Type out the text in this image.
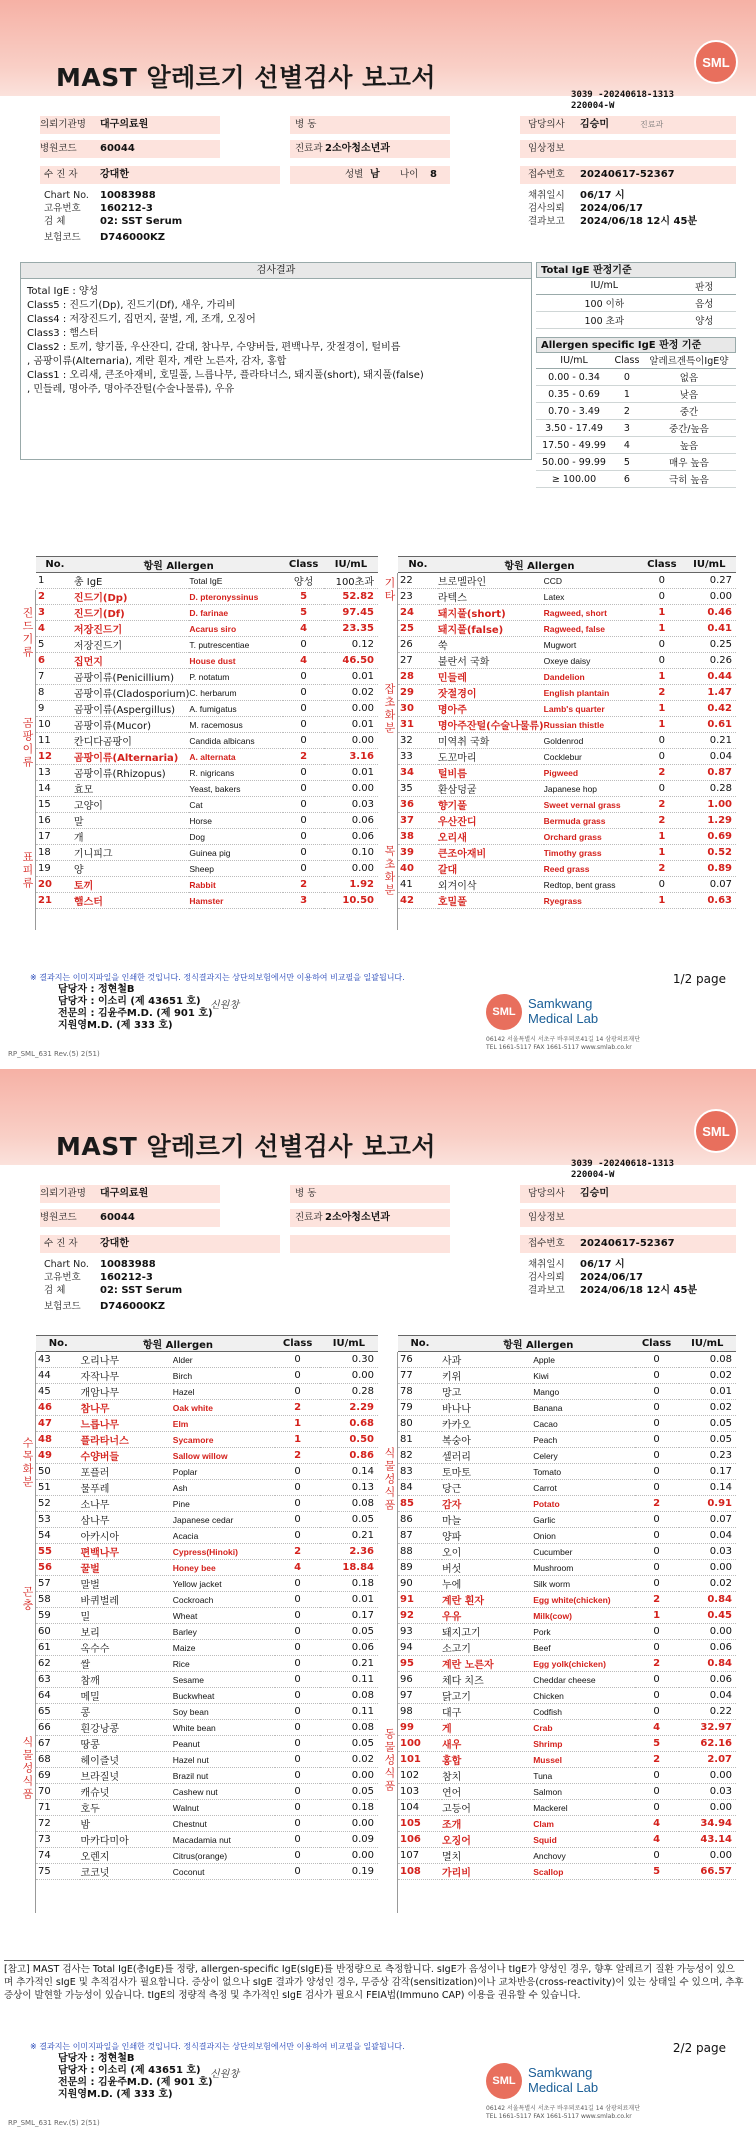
MAST 알레르기 선별검사 보고서
SML
3039 -20240618-1313
220004-W
의뢰기관명 대구의료원	병 동	담당의사 김승미	진료과
병원코드 60044	진료과 2소아청소년과	임상정보
수 진 자 강대한	성별 남 나이 8	접수번호 20240617-52367
Chart No. 10083988	채취일시 06/17 시
고유번호 160212-3	검사의뢰 2024/06/17
검 체	02: SST Serum	결과보고 2024/06/18 12시 45분
보험코드 D746000KZ
검사결과
Total IgE : 양성
Class5 : 진드기(Dp), 진드기(Df), 새우, 가리비
Class4 : 저장진드기, 집먼지, 꿀벌, 게, 조개, 오징어
Class3 : 햄스터
Class2 : 토끼, 향기풀, 우산잔디, 갈대, 참나무, 수양버들, 편백나무, 잣절경이, 털비름
, 곰팡이류(Alternaria), 계란 흰자, 계란 노른자, 감자, 홍합
Class1 : 오리새, 큰조아재비, 호밀풀, 느릅나무, 플라타너스, 돼지풀(short), 돼지풀(false)
, 민들레, 명아주, 명아주잔털(수술나물류), 우유
Total IgE 판정기준
IU/mL	판정
100 이하	음성
100 초과	양성
Allergen specific IgE 판정 기준
IU/mL	Class	알레르겐특이IgE양
0.00 - 0.34	0	없음
0.35 - 0.69	1	낮음
0.70 - 3.49	2	중간
3.50 - 17.49	3	중간/높음
17.50 - 49.99	4	높음
50.00 - 99.99	5	매우 높음
≥ 100.00	6	극히 높음
No.	항원 Allergen		Class	IU/mL
1	총 IgE	Total IgE	양성	100초과
2	진드기(Dp)	D. pteronyssinus	5	52.82
3	진드기(Df)	D. farinae	5	97.45
4	저장진드기	Acarus siro	4	23.35
5	저장진드기	T. putrescentiae	0	0.12
6	집먼지	House dust	4	46.50
7	곰팡이류(Penicillium)	P. notatum	0	0.01
8	곰팡이류(Cladosporium)	C. herbarum	0	0.02
9	곰팡이류(Aspergillus)	A. fumigatus	0	0.00
10	곰팡이류(Mucor)	M. racemosus	0	0.01
11	칸디다곰팡이	Candida albicans	0	0.00
12	곰팡이류(Alternaria)	A. alternata	2	3.16
13	곰팡이류(Rhizopus)	R. nigricans	0	0.01
14	효모	Yeast, bakers	0	0.00
15	고양이	Cat	0	0.03
16	말	Horse	0	0.06
17	개	Dog	0	0.06
18	기니피그	Guinea pig	0	0.10
19	양	Sheep	0	0.00
20	토끼	Rabbit	2	1.92
21	햄스터	Hamster	3	10.50
진드기류
곰팡이류
표피류
No.	항원 Allergen		Class	IU/mL
22	브로멜라인	CCD	0	0.27
23	라텍스	Latex	0	0.00
24	돼지풀(short)	Ragweed, short	1	0.46
25	돼지풀(false)	Ragweed, false	1	0.41
26	쑥	Mugwort	0	0.25
27	불란서 국화	Oxeye daisy	0	0.26
28	민들레	Dandelion	1	0.44
29	잣절경이	English plantain	2	1.47
30	명아주	Lamb's quarter	1	0.42
31	명아주잔털(수술나물류)	Russian thistle	1	0.61
32	미역취 국화	Goldenrod	0	0.21
33	도꼬마리	Cocklebur	0	0.04
34	털비름	Pigweed	2	0.87
35	환삼덩굴	Japanese hop	0	0.28
36	향기풀	Sweet vernal grass	2	1.00
37	우산잔디	Bermuda grass	2	1.29
38	오리새	Orchard grass	1	0.69
39	큰조아재비	Timothy grass	1	0.52
40	갈대	Reed grass	2	0.89
41	외겨이삭	Redtop, bent grass	0	0.07
42	호밀풀	Ryegrass	1	0.63
기타
잡초화분
목초화분
※ 결과지는 이미지파일을 인쇄한 것입니다. 정식결과지는 상단의보험에서만 이용하여 비교필을 일괄됩니다.	1/2 page
담당자 : 정현철B
담당자 : 이소리 (제 43651 호)
전문의 : 김윤주M.D. (제 901 호)
지원영M.D. (제 333 호)
신원창
SML
Samkwang
Medical Lab
06142 서울특별시 서초구 바우뫼로41길 14 삼광의료재단
TEL 1661-5117 FAX 1661-5117 www.smlab.co.kr
RP_SML_631 Rev.(5) 2(51)
MAST 알레르기 선별검사 보고서
SML
3039 -20240618-1313
220004-W
의뢰기관명 대구의료원	병 동	담당의사 김승미
병원코드 60044	진료과 2소아청소년과	임상정보
수 진 자 강대한	접수번호 20240617-52367
Chart No. 10083988	채취일시 06/17 시
고유번호 160212-3	검사의뢰 2024/06/17
검 체	02: SST Serum	결과보고 2024/06/18 12시 45분
보험코드 D746000KZ
No.	항원 Allergen		Class	IU/mL
43	오리나무	Alder	0	0.30
44	자작나무	Birch	0	0.00
45	개암나무	Hazel	0	0.28
46	참나무	Oak white	2	2.29
47	느릅나무	Elm	1	0.68
48	플라타너스	Sycamore	1	0.50
49	수양버들	Sallow willow	2	0.86
50	포플러	Poplar	0	0.14
51	물푸레	Ash	0	0.13
52	소나무	Pine	0	0.08
53	삼나무	Japanese cedar	0	0.05
54	아카시아	Acacia	0	0.21
55	편백나무	Cypress(Hinoki)	2	2.36
56	꿀벌	Honey bee	4	18.84
57	말벌	Yellow jacket	0	0.18
58	바퀴벌레	Cockroach	0	0.01
59	밀	Wheat	0	0.17
60	보리	Barley	0	0.05
61	옥수수	Maize	0	0.06
62	쌀	Rice	0	0.21
63	참깨	Sesame	0	0.11
64	메밀	Buckwheat	0	0.08
65	콩	Soy bean	0	0.11
66	흰강낭콩	White bean	0	0.08
67	땅콩	Peanut	0	0.05
68	헤이즐넛	Hazel nut	0	0.02
69	브라질넛	Brazil nut	0	0.00
70	캐슈넛	Cashew nut	0	0.05
71	호두	Walnut	0	0.18
72	밤	Chestnut	0	0.00
73	마카다미아	Macadamia nut	0	0.09
74	오렌지	Citrus(orange)	0	0.00
75	코코넛	Coconut	0	0.19
수목화분
곤충
식물성식품
No.	항원 Allergen		Class	IU/mL
76	사과	Apple	0	0.08
77	키위	Kiwi	0	0.02
78	망고	Mango	0	0.01
79	바나나	Banana	0	0.02
80	카카오	Cacao	0	0.05
81	복숭아	Peach	0	0.05
82	셀러리	Celery	0	0.23
83	토마토	Tomato	0	0.17
84	당근	Carrot	0	0.14
85	감자	Potato	2	0.91
86	마늘	Garlic	0	0.07
87	양파	Onion	0	0.04
88	오이	Cucumber	0	0.03
89	버섯	Mushroom	0	0.00
90	누에	Silk worm	0	0.02
91	계란 흰자	Egg white(chicken)	2	0.84
92	우유	Milk(cow)	1	0.45
93	돼지고기	Pork	0	0.00
94	소고기	Beef	0	0.06
95	계란 노른자	Egg yolk(chicken)	2	0.84
96	체다 치즈	Cheddar cheese	0	0.06
97	닭고기	Chicken	0	0.04
98	대구	Codfish	0	0.22
99	게	Crab	4	32.97
100	새우	Shrimp	5	62.16
101	홍합	Mussel	2	2.07
102	참치	Tuna	0	0.00
103	연어	Salmon	0	0.03
104	고등어	Mackerel	0	0.00
105	조개	Clam	4	34.94
106	오징어	Squid	4	43.14
107	멸치	Anchovy	0	0.00
108	가리비	Scallop	5	66.57
식물성식품
동물성식품
※ 결과지는 이미지파일을 인쇄한 것입니다. 정식결과지는 상단의보험에서만 이용하여 비교필을 일괄됩니다.	2/2 page
담당자 : 정현철B
담당자 : 이소리 (제 43651 호)
전문의 : 김윤주M.D. (제 901 호)
지원영M.D. (제 333 호)
신원창
SML
Samkwang
Medical Lab
06142 서울특별시 서초구 바우뫼로41길 14 삼광의료재단
TEL 1661-5117 FAX 1661-5117 www.smlab.co.kr
RP_SML_631 Rev.(5) 2(51)
[참고] MAST 검사는 Total IgE(총IgE)를 정량, allergen-specific IgE(sIgE)를 반정량으로 측정합니다. sIgE가 음성이나 tIgE가 양성인 경우, 향후 알레르기 질환 가능성이 있으며 추가적인 sIgE 및 추적검사가 필요합니다. 증상이 없으나 sIgE 결과가 양성인 경우, 무증상 감작(sensitization)이나 교차반응(cross-reactivity)이 있는 상태일 수 있으며, 추후 증상이 발현할 가능성이 있습니다. tIgE의 정량적 측정 및 추가적인 sIgE 검사가 필요시 FEIA법(Immuno CAP) 이용을 권유할 수 있습니다.
